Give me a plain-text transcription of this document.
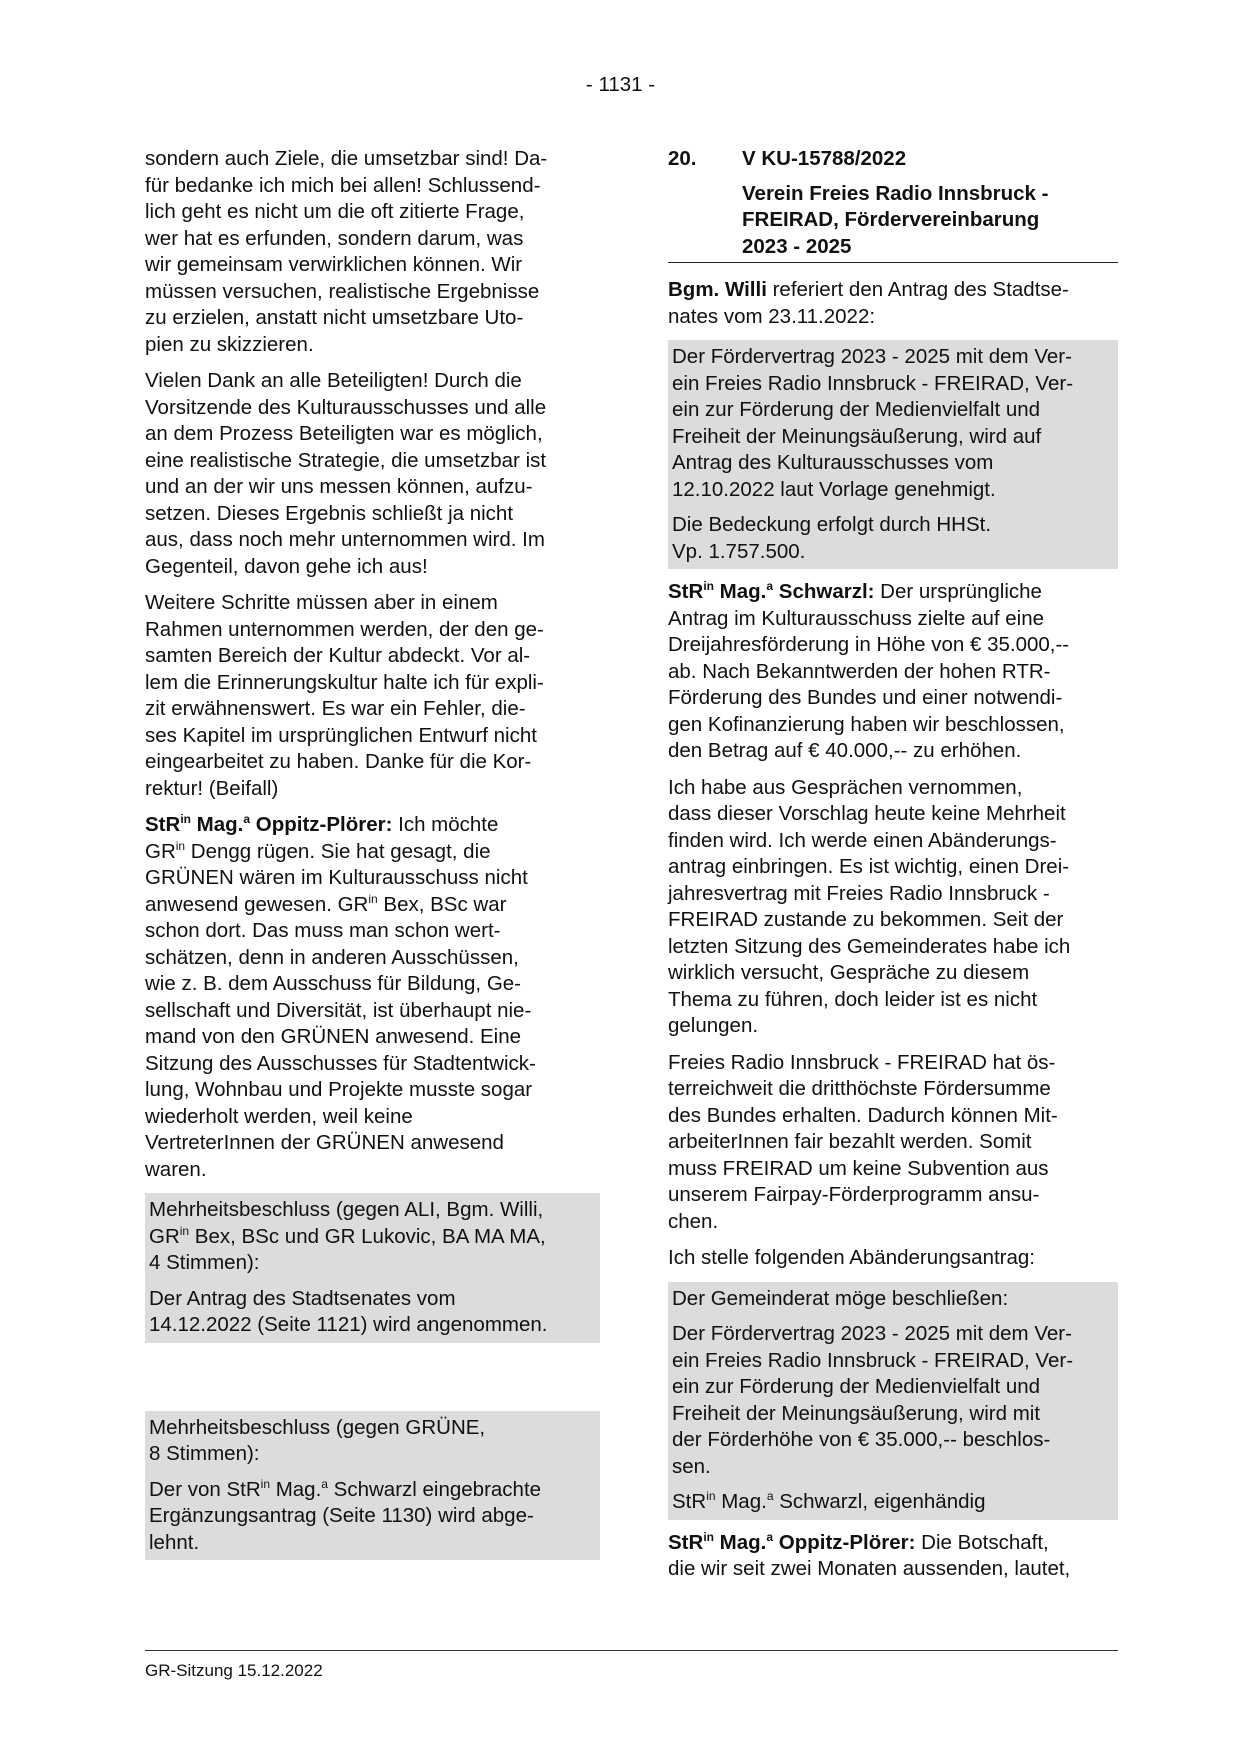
- 1131 -

sondern auch Ziele, die umsetzbar sind! Da-
für bedanke ich mich bei allen! Schlussend-
lich geht es nicht um die oft zitierte Frage,
wer hat es erfunden, sondern darum, was
wir gemeinsam verwirklichen können. Wir
müssen versuchen, realistische Ergebnisse
zu erzielen, anstatt nicht umsetzbare Uto-
pien zu skizzieren.

Vielen Dank an alle Beteiligten! Durch die
Vorsitzende des Kulturausschusses und alle
an dem Prozess Beteiligten war es möglich,
eine realistische Strategie, die umsetzbar ist
und an der wir uns messen können, aufzu-
setzen. Dieses Ergebnis schließt ja nicht
aus, dass noch mehr unternommen wird. Im
Gegenteil, davon gehe ich aus!

Weitere Schritte müssen aber in einem
Rahmen unternommen werden, der den ge-
samten Bereich der Kultur abdeckt. Vor al-
lem die Erinnerungskultur halte ich für expli-
zit erwähnenswert. Es war ein Fehler, die-
ses Kapitel im ursprünglichen Entwurf nicht
eingearbeitet zu haben. Danke für die Kor-
rektur! (Beifall)

StR$^{in}$ Mag.$^a$ Oppitz-Plörer: Ich möchte
$GR^{in}$ Dengg rügen. Sie hat gesagt, die
GRÜNEN wären im Kulturausschuss nicht
anwesend gewesen. $GR^{in}$ Bex, BSc war
schon dort. Das muss man schon wert-
schätzen, denn in anderen Ausschüssen,
wie z. B. dem Ausschuss für Bildung, Ge-
sellschaft und Diversität, ist überhaupt nie-
mand von den GRÜNEN anwesend. Eine
Sitzung des Ausschusses für Stadtentwick-
lung, Wohnbau und Projekte musste sogar
wiederholt werden, weil keine
VertreterInnen der GRÜNEN anwesend
waren.

Mehrheitsbeschluss (gegen ALI, Bgm. Willi,
$GR^{in}$ Bex, BSc und GR Lukovic, BA MA MA,
4 Stimmen):

Der Antrag des Stadtsenates vom
14.12.2022 (Seite 1121) wird angenommen.

Mehrheitsbeschluss (gegen GRÜNE,
8 Stimmen):

Der von StR$^{in}$ Mag.$^a$ Schwarzl eingebrachte
Ergänzungsantrag (Seite 1130) wird abge-
lehnt.

20.	V KU-15788/2022
Verein Freies Radio Innsbruck -
FREIRAD, Fördervereinbarung
2023 - 2025

Bgm. Willi referiert den Antrag des Stadtse-
nates vom 23.11.2022:

Der Fördervertrag 2023 - 2025 mit dem Ver-
ein Freies Radio Innsbruck - FREIRAD, Ver-
ein zur Förderung der Medienvielfalt und
Freiheit der Meinungsäußerung, wird auf
Antrag des Kulturausschusses vom
12.10.2022 laut Vorlage genehmigt.

Die Bedeckung erfolgt durch HHSt.
Vp. 1.757.500.

StR$^{in}$ Mag.$^a$ Schwarzl: Der ursprüngliche
Antrag im Kulturausschuss zielte auf eine
Dreijahresförderung in Höhe von € 35.000,--
ab. Nach Bekanntwerden der hohen RTR-
Förderung des Bundes und einer notwendi-
gen Kofinanzierung haben wir beschlossen,
den Betrag auf € 40.000,-- zu erhöhen.

Ich habe aus Gesprächen vernommen,
dass dieser Vorschlag heute keine Mehrheit
finden wird. Ich werde einen Abänderungs-
antrag einbringen. Es ist wichtig, einen Drei-
jahresvertrag mit Freies Radio Innsbruck -
FREIRAD zustande zu bekommen. Seit der
letzten Sitzung des Gemeinderates habe ich
wirklich versucht, Gespräche zu diesem
Thema zu führen, doch leider ist es nicht
gelungen.

Freies Radio Innsbruck - FREIRAD hat ös-
terreichweit die dritthöchste Fördersumme
des Bundes erhalten. Dadurch können Mit-
arbeiterInnen fair bezahlt werden. Somit
muss FREIRAD um keine Subvention aus
unserem Fairpay-Förderprogramm ansu-
chen.

Ich stelle folgenden Abänderungsantrag:

Der Gemeinderat möge beschließen:

Der Fördervertrag 2023 - 2025 mit dem Ver-
ein Freies Radio Innsbruck - FREIRAD, Ver-
ein zur Förderung der Medienvielfalt und
Freiheit der Meinungsäußerung, wird mit
der Förderhöhe von € 35.000,-- beschlos-
sen.

StR$^{in}$ Mag.$^a$ Schwarzl, eigenhändig

StR$^{in}$ Mag.$^a$ Oppitz-Plörer: Die Botschaft,
die wir seit zwei Monaten aussenden, lautet,

GR-Sitzung 15.12.2022
